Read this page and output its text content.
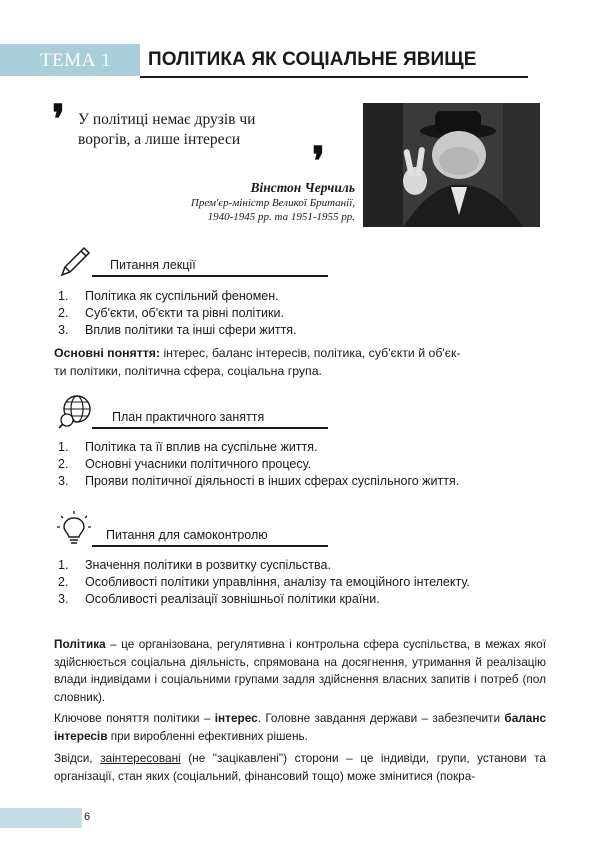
ТЕМА 1 ПОЛІТИКА ЯК СОЦІАЛЬНЕ ЯВИЩЕ
❜ У політиці немає друзів чи
ворогів, а лише інтереси	❜
Вінстон Черчиль
Прем'єр-міністр Великої Британії,
1940-1945 рр. та 1951-1955 рр.
Питання лекції
1.	Політика як суспільний феномен.
2.	Суб'єкти, об'єкти та рівні політики.
3.	Вплив політики та інші сфери життя.
Основні поняття: інтерес, баланс інтересів, політика, суб'єкти й об'єк-
ти політики, політична сфера, соціальна група.
План практичного заняття
1.	Політика та її вплив на суспільне життя.
2.	Основні учасники політичного процесу.
3.	Прояви політичної діяльності в інших сферах суспільного життя.
Питання для самоконтролю
1.	Значення політики в розвитку суспільства.
2.	Особливості політики управління, аналізу та емоційного інтелекту.
3.	Особливості реалізації зовнішньої політики країни.
Політика – це організована, регулятивна і контрольна сфера суспільства, в межах якої здійснюється соціальна діяльність, спрямована на досягнення, утримання й реалізацію влади індивідами і соціальними групами задля здійснення власних запитів і потреб (пол словник).
Ключове поняття політики – інтерес. Головне завдання держави – забезпечити баланс інтересів при виробленні ефективних рішень.
Звідси, заінтересовані (не "зацікавлені") сторони – це індивіди, групи, установи та організації, стан яких (соціальний, фінансовий тощо) може змінитися (покра-
6
